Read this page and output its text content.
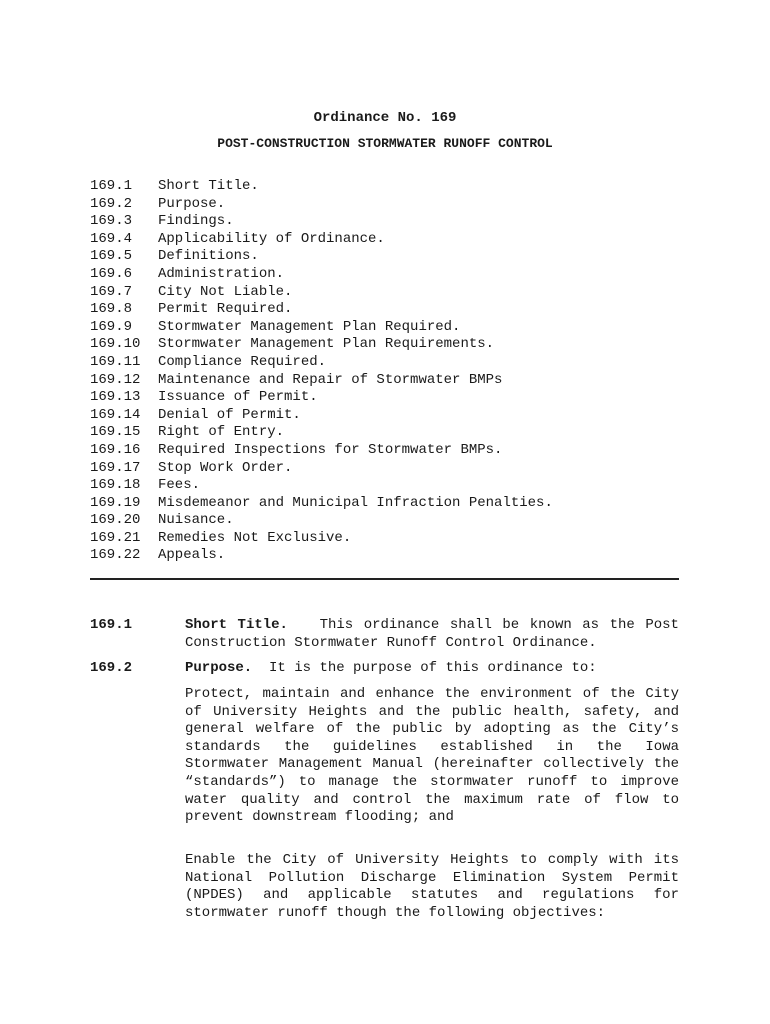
Ordinance No. 169
POST-CONSTRUCTION STORMWATER RUNOFF CONTROL
169.1 Short Title.
169.2 Purpose.
169.3 Findings.
169.4 Applicability of Ordinance.
169.5 Definitions.
169.6 Administration.
169.7 City Not Liable.
169.8 Permit Required.
169.9 Stormwater Management Plan Required.
169.10 Stormwater Management Plan Requirements.
169.11 Compliance Required.
169.12 Maintenance and Repair of Stormwater BMPs
169.13 Issuance of Permit.
169.14 Denial of Permit.
169.15 Right of Entry.
169.16 Required Inspections for Stormwater BMPs.
169.17 Stop Work Order.
169.18 Fees.
169.19 Misdemeanor and Municipal Infraction Penalties.
169.20 Nuisance.
169.21 Remedies Not Exclusive.
169.22 Appeals.
169.1	Short Title. This ordinance shall be known as the Post Construction Stormwater Runoff Control Ordinance.
169.2	Purpose. It is the purpose of this ordinance to:
Protect, maintain and enhance the environment of the City of University Heights and the public health, safety, and general welfare of the public by adopting as the City’s standards the guidelines established in the Iowa Stormwater Management Manual (hereinafter collectively the “standards”) to manage the stormwater runoff to improve water quality and control the maximum rate of flow to prevent downstream flooding; and
Enable the City of University Heights to comply with its National Pollution Discharge Elimination System Permit (NPDES) and applicable statutes and regulations for stormwater runoff though the following objectives:
